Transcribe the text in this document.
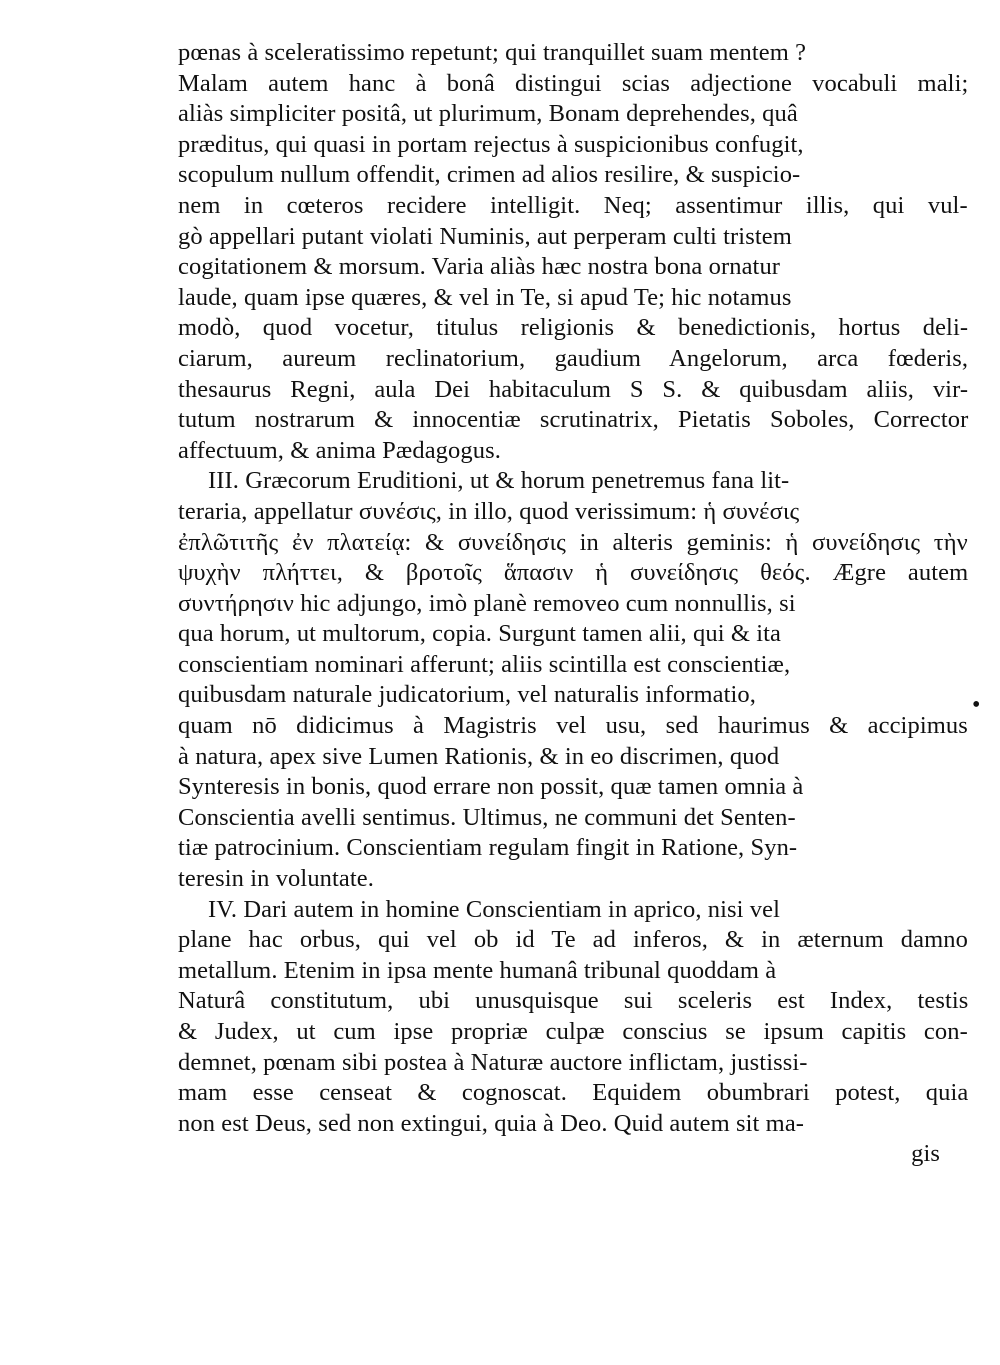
pœnas à sceleratissimo repetunt; qui tranquillet suam mentem ?
Malam autem hanc à bonâ distingui scias adjectione vocabuli mali;
aliàs simpliciter positâ, ut plurimum, Bonam deprehendes, quâ
præditus, qui quasi in portam rejectus à suspicionibus confugit,
scopulum nullum offendit, crimen ad alios resilire, & suspicio-
nem in cœteros recidere intelligit. Neq; assentimur illis, qui vul-
gò appellari putant violati Numinis, aut perperam culti tristem
cogitationem & morsum. Varia aliàs hæc nostra bona ornatur
laude, quam ipse quæres, & vel in Te, si apud Te; hic notamus
modò, quod vocetur, titulus religionis & benedictionis, hortus deli-
ciarum, aureum reclinatorium, gaudium Angelorum, arca fœderis,
thesaurus Regni, aula Dei habitaculum S S. & quibusdam aliis, vir-
tutum nostrarum & innocentiæ scrutinatrix, Pietatis Soboles, Corrector
affectuum, & anima Pædagogus.
III. Græcorum Eruditioni, ut & horum penetremus fana lit-
teraria, appellatur συνέσις, in illo, quod verissimum: ἡ συνέσις
ἐπλῶτιτῆς ἐν πλατείᾳ: & συνείδησις in alteris geminis: ἡ συνείδησις τὴν
ψυχὴν πλήττει, & βροτοῖς ἅπασιν ἡ συνείδησις θεός. Ægre autem
συντήρησιν hic adjungo, imò planè removeo cum nonnullis, si
qua horum, ut multorum, copia. Surgunt tamen alii, qui & ita
conscientiam nominari afferunt; aliis scintilla est conscientiæ,
quibusdam naturale judicatorium, vel naturalis informatio,
quam nō didicimus à Magistris vel usu, sed haurimus & accipimus
à natura, apex sive Lumen Rationis, & in eo discrimen, quod
Synteresis in bonis, quod errare non possit, quæ tamen omnia à
Conscientia avelli sentimus. Ultimus, ne communi det Senten-
tiæ patrocinium. Conscientiam regulam fingit in Ratione, Syn-
teresin in voluntate.
IV. Dari autem in homine Conscientiam in aprico, nisi vel
plane hac orbus, qui vel ob id Te ad inferos, & in æternum damno
metallum. Etenim in ipsa mente humanâ tribunal quoddam à
Naturâ constitutum, ubi unusquisque sui sceleris est Index, testis
& Judex, ut cum ipse propriæ culpæ conscius se ipsum capitis con-
demnet, pœnam sibi postea à Naturæ auctore inflictam, justissi-
mam esse censeat & cognoscat. Equidem obumbrari potest, quia
non est Deus, sed non extingui, quia à Deo. Quid autem sit ma-
gis
•
